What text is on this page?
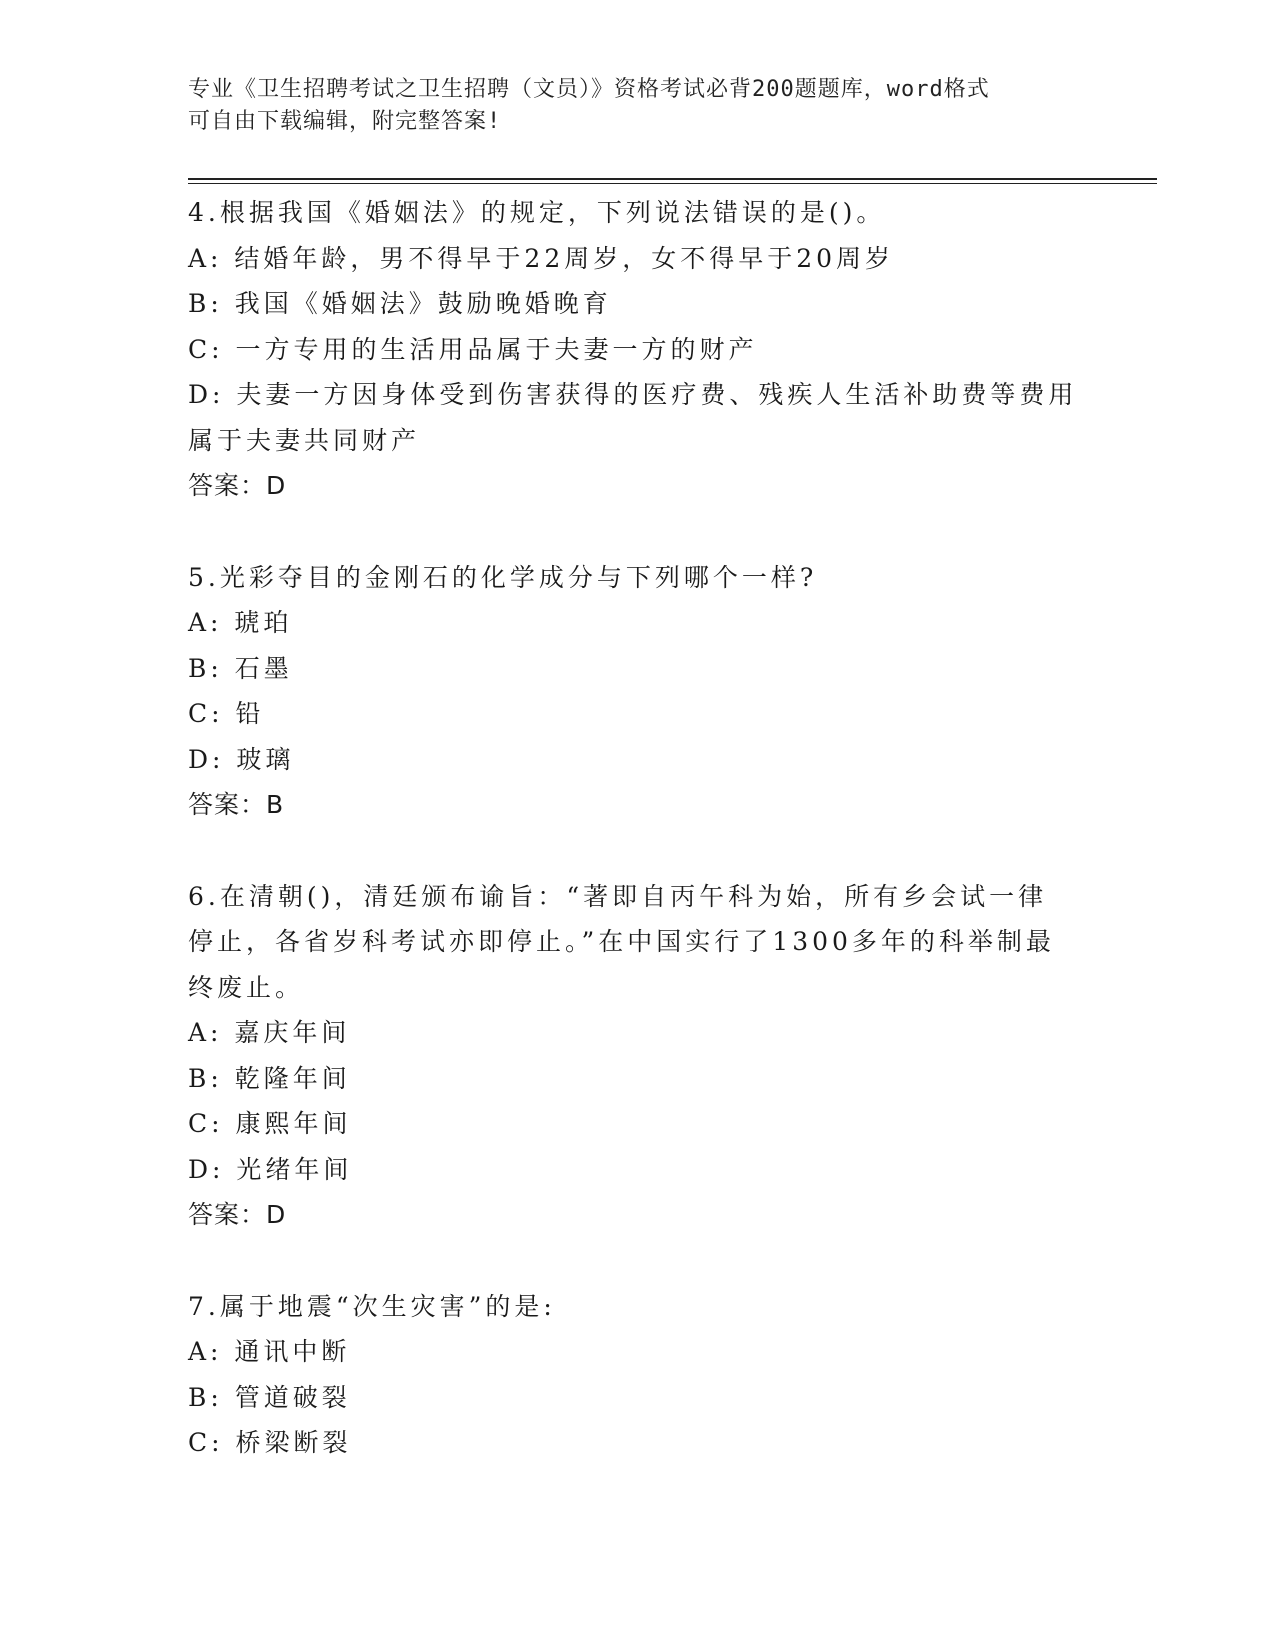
专业《卫生招聘考试之卫生招聘（文员）》资格考试必背200题题库，word格式
可自由下载编辑，附完整答案!
4.根据我国《婚姻法》的规定，下列说法错误的是()。
A: 结婚年龄，男不得早于22周岁，女不得早于20周岁
B: 我国《婚姻法》鼓励晚婚晚育
C: 一方专用的生活用品属于夫妻一方的财产
D: 夫妻一方因身体受到伤害获得的医疗费、残疾人生活补助费等费用
属于夫妻共同财产
答案：D
5.光彩夺目的金刚石的化学成分与下列哪个一样?
A: 琥珀
B: 石墨
C: 铅
D: 玻璃
答案：B
6.在清朝()，清廷颁布谕旨：“著即自丙午科为始，所有乡会试一律
停止，各省岁科考试亦即停止。”在中国实行了1300多年的科举制最
终废止。
A: 嘉庆年间
B: 乾隆年间
C: 康熙年间
D: 光绪年间
答案：D
7.属于地震“次生灾害”的是:
A: 通讯中断
B: 管道破裂
C: 桥梁断裂
